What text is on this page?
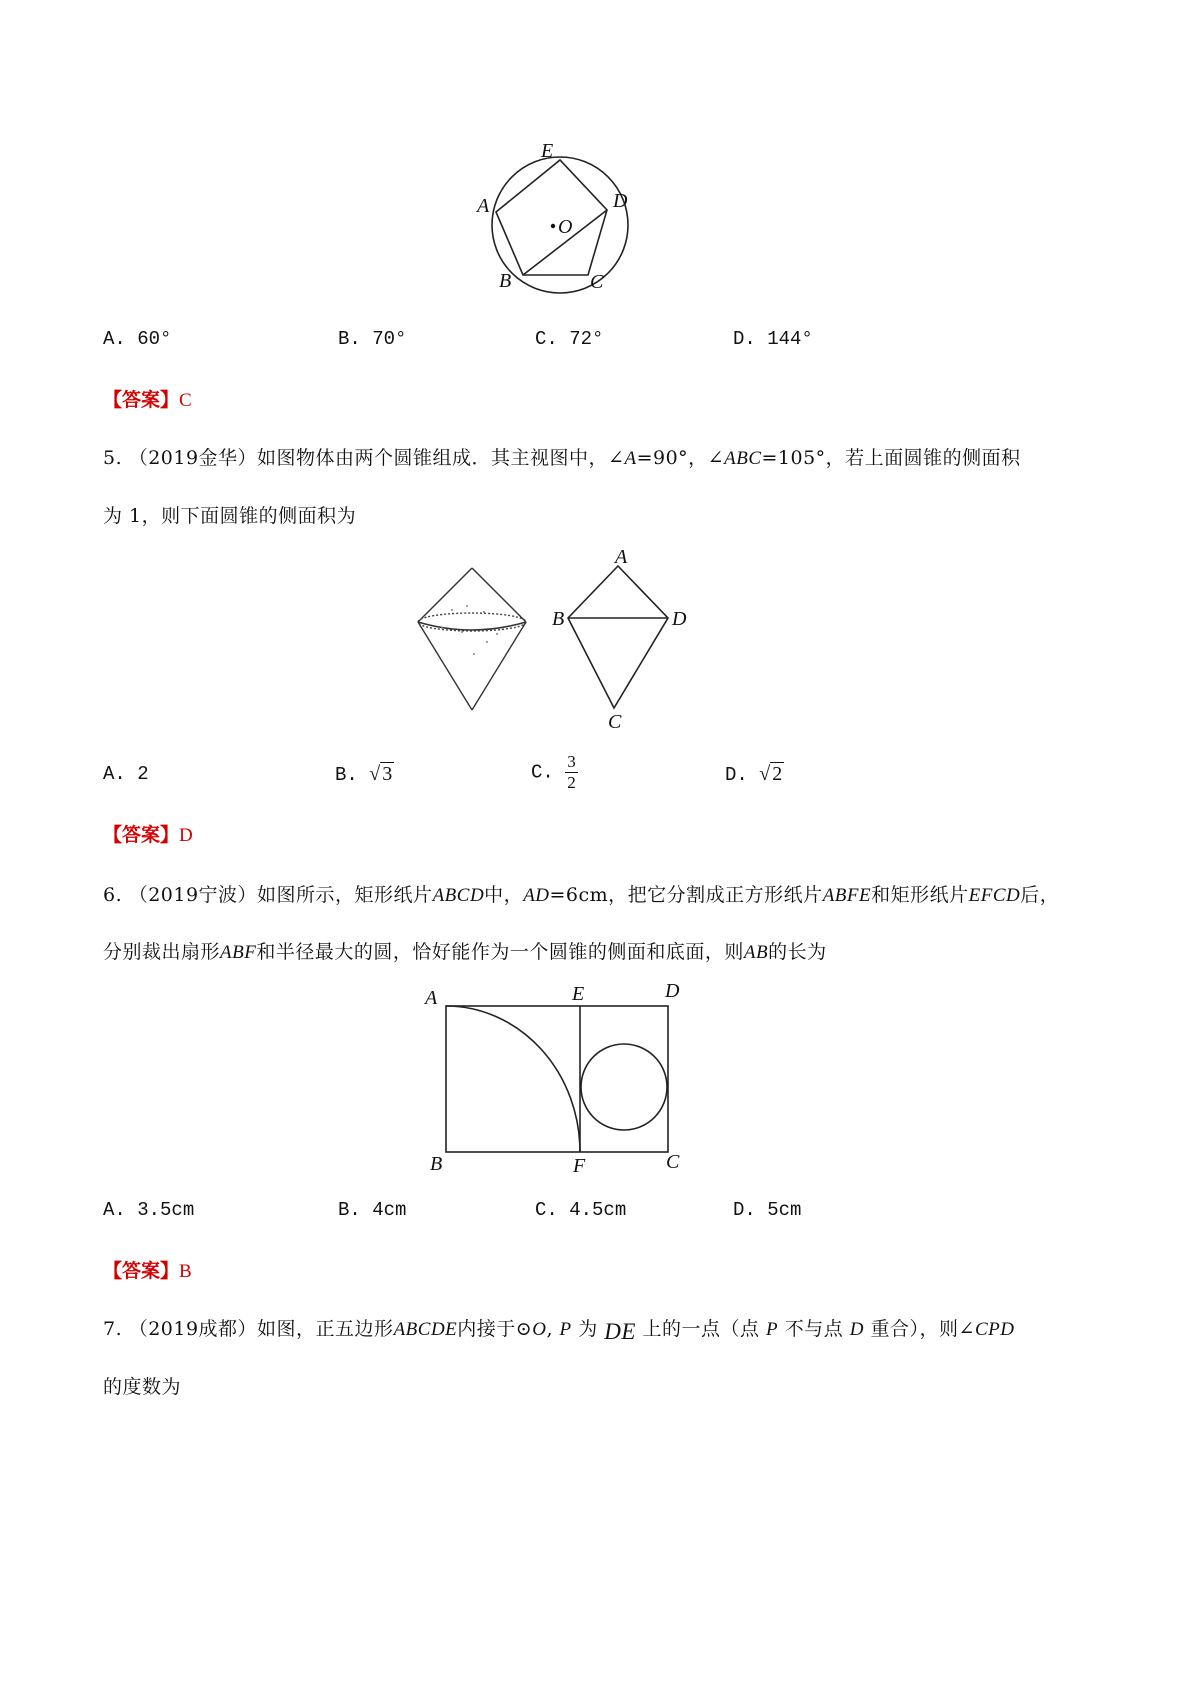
E
A	D
O
B	C
A. 60°	B. 70°	C. 72°	D. 144°
【答案】C
5. （2019金华）如图物体由两个圆锥组成．其主视图中，∠A=90°，∠ABC=105°，若上面圆锥的侧面积
为 1，则下面圆锥的侧面积为
A
B	D
C
A. 2	B. √ 3	C. $\frac{3}{2}$	D. √ 2
【答案】D
6. （2019宁波）如图所示，矩形纸片ABCD中，AD=6cm，把它分割成正方形纸片ABFE和矩形纸片EFCD后，
分别裁出扇形ABF和半径最大的圆，恰好能作为一个圆锥的侧面和底面，则AB的长为
A	E	D
B	F	C
A. 3.5cm	B. 4cm	C. 4.5cm	D. 5cm
【答案】B
7. （2019成都）如图，正五边形ABCDE内接于⊙O, P 为 DE 上的一点（点 P 不与点 D 重合），则∠CPD
的度数为
